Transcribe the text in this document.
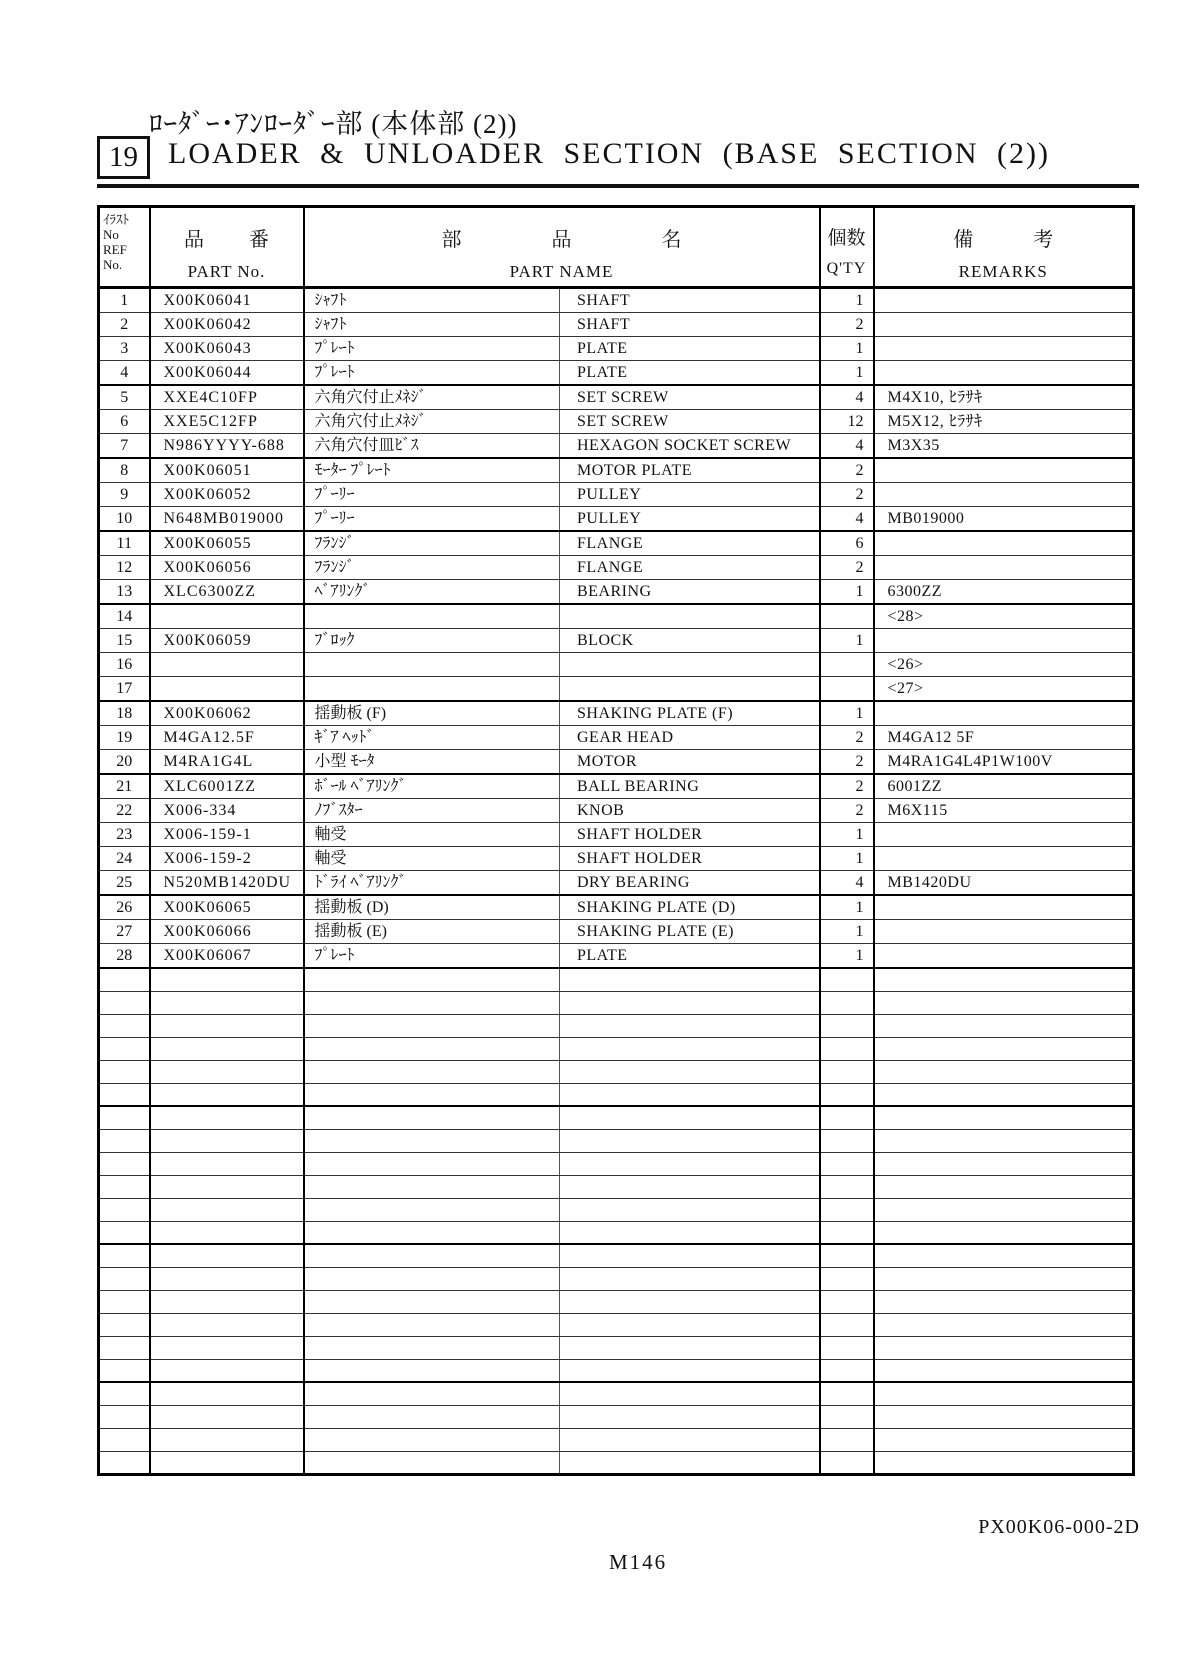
ﾛｰﾀﾞｰ･ｱﾝﾛｰﾀﾞｰ部 (本体部 (2))
19 LOADER & UNLOADER SECTION (BASE SECTION (2))
ｲﾗｽﾄ
No
REF
No.

品 番
PART No.

部 品 名
PART NAME

個数
Q'TY

備 考
REMARKS

1	X00K06041	ｼｬﾌﾄ	SHAFT	1	
2	X00K06042	ｼｬﾌﾄ	SHAFT	2	
3	X00K06043	ﾌﾟﾚｰﾄ	PLATE	1	
4	X00K06044	ﾌﾟﾚｰﾄ	PLATE	1	
5	XXE4C10FP	六角穴付止ﾒﾈｼﾞ	SET SCREW	4	M4X10, ﾋﾗｻｷ
6	XXE5C12FP	六角穴付止ﾒﾈｼﾞ	SET SCREW	12	M5X12, ﾋﾗｻｷ
7	N986YYYY-688	六角穴付皿ﾋﾞｽ	HEXAGON SOCKET SCREW	4	M3X35
8	X00K06051	ﾓｰﾀｰ ﾌﾟﾚｰﾄ	MOTOR PLATE	2	
9	X00K06052	ﾌﾟｰﾘｰ	PULLEY	2	
10	N648MB019000	ﾌﾟｰﾘｰ	PULLEY	4	MB019000
11	X00K06055	ﾌﾗﾝｼﾞ	FLANGE	6	
12	X00K06056	ﾌﾗﾝｼﾞ	FLANGE	2	
13	XLC6300ZZ	ﾍﾞｱﾘﾝｸﾞ	BEARING	1	6300ZZ
14					<28>
15	X00K06059	ﾌﾞﾛｯｸ	BLOCK	1	
16					<26>
17					<27>
18	X00K06062	揺動板 (F)	SHAKING PLATE (F)	1	
19	M4GA12.5F	ｷﾞｱ ﾍｯﾄﾞ	GEAR HEAD	2	M4GA12 5F
20	M4RA1G4L	小型 ﾓｰﾀ	MOTOR	2	M4RA1G4L4P1W100V
21	XLC6001ZZ	ﾎﾞｰﾙ ﾍﾞｱﾘﾝｸﾞ	BALL BEARING	2	6001ZZ
22	X006-334	ﾉﾌﾞｽﾀｰ	KNOB	2	M6X115
23	X006-159-1	軸受	SHAFT HOLDER	1	
24	X006-159-2	軸受	SHAFT HOLDER	1	
25	N520MB1420DU	ﾄﾞﾗｲ ﾍﾞｱﾘﾝｸﾞ	DRY BEARING	4	MB1420DU
26	X00K06065	揺動板 (D)	SHAKING PLATE (D)	1	
27	X00K06066	揺動板 (E)	SHAKING PLATE (E)	1	
28	X00K06067	ﾌﾟﾚｰﾄ	PLATE	1	

PX00K06-000-2D
M146
